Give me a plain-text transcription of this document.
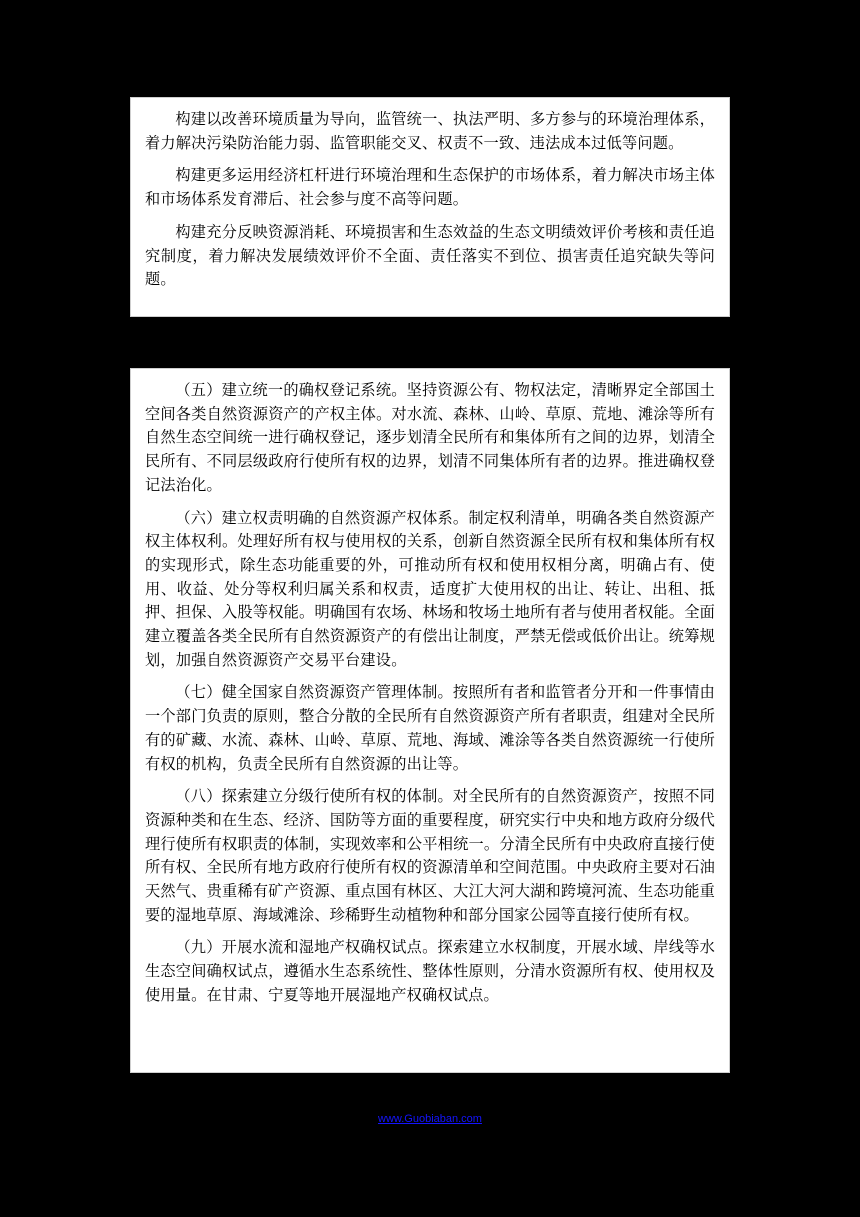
构建以改善环境质量为导向，监管统一、执法严明、多方参与的环境治理体系，着力解决污染防治能力弱、监管职能交叉、权责不一致、违法成本过低等问题。

构建更多运用经济杠杆进行环境治理和生态保护的市场体系，着力解决市场主体和市场体系发育滞后、社会参与度不高等问题。

构建充分反映资源消耗、环境损害和生态效益的生态文明绩效评价考核和责任追究制度，着力解决发展绩效评价不全面、责任落实不到位、损害责任追究缺失等问题。

（五）建立统一的确权登记系统。坚持资源公有、物权法定，清晰界定全部国土空间各类自然资源资产的产权主体。对水流、森林、山岭、草原、荒地、滩涂等所有自然生态空间统一进行确权登记，逐步划清全民所有和集体所有之间的边界，划清全民所有、不同层级政府行使所有权的边界，划清不同集体所有者的边界。推进确权登记法治化。

（六）建立权责明确的自然资源产权体系。制定权利清单，明确各类自然资源产权主体权利。处理好所有权与使用权的关系，创新自然资源全民所有权和集体所有权的实现形式，除生态功能重要的外，可推动所有权和使用权相分离，明确占有、使用、收益、处分等权利归属关系和权责，适度扩大使用权的出让、转让、出租、抵押、担保、入股等权能。明确国有农场、林场和牧场土地所有者与使用者权能。全面建立覆盖各类全民所有自然资源资产的有偿出让制度，严禁无偿或低价出让。统筹规划，加强自然资源资产交易平台建设。

（七）健全国家自然资源资产管理体制。按照所有者和监管者分开和一件事情由一个部门负责的原则，整合分散的全民所有自然资源资产所有者职责，组建对全民所有的矿藏、水流、森林、山岭、草原、荒地、海域、滩涂等各类自然资源统一行使所有权的机构，负责全民所有自然资源的出让等。

（八）探索建立分级行使所有权的体制。对全民所有的自然资源资产，按照不同资源种类和在生态、经济、国防等方面的重要程度，研究实行中央和地方政府分级代理行使所有权职责的体制，实现效率和公平相统一。分清全民所有中央政府直接行使所有权、全民所有地方政府行使所有权的资源清单和空间范围。中央政府主要对石油天然气、贵重稀有矿产资源、重点国有林区、大江大河大湖和跨境河流、生态功能重要的湿地草原、海域滩涂、珍稀野生动植物种和部分国家公园等直接行使所有权。

（九）开展水流和湿地产权确权试点。探索建立水权制度，开展水域、岸线等水生态空间确权试点，遵循水生态系统性、整体性原则，分清水资源所有权、使用权及使用量。在甘肃、宁夏等地开展湿地产权确权试点。

www.Guobiaban.com
